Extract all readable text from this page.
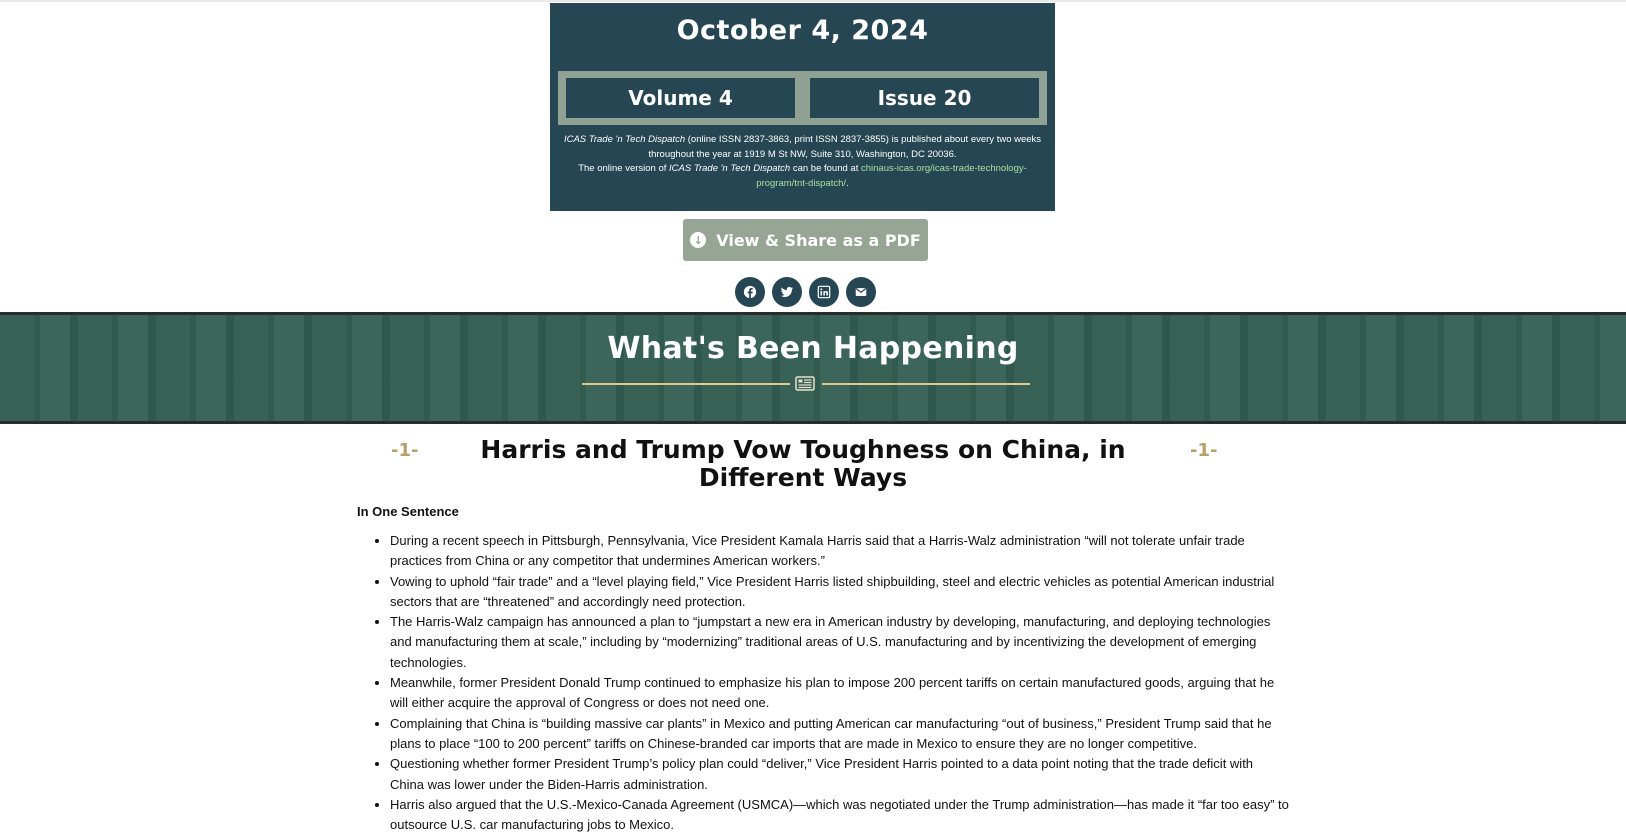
October 4, 2024
Volume 4	Issue 20
ICAS Trade 'n Tech Dispatch (online ISSN 2837-3863, print ISSN 2837-3855) is published about every two weeks throughout the year at 1919 M St NW, Suite 310, Washington, DC 20036.
The online version of ICAS Trade 'n Tech Dispatch can be found at chinaus-icas.org/icas-trade-technology-program/tnt-dispatch/.
↓ View & Share as a PDF
What's Been Happening
-1- Harris and Trump Vow Toughness on China, in Different Ways
-1-
In One Sentence
• During a recent speech in Pittsburgh, Pennsylvania, Vice President Kamala Harris said that a Harris-Walz administration “will not tolerate unfair trade practices from China or any competitor that undermines American workers.”
• Vowing to uphold “fair trade” and a “level playing field,” Vice President Harris listed shipbuilding, steel and electric vehicles as potential American industrial sectors that are “threatened” and accordingly need protection.
• The Harris-Walz campaign has announced a plan to “jumpstart a new era in American industry by developing, manufacturing, and deploying technologies and manufacturing them at scale,” including by “modernizing” traditional areas of U.S. manufacturing and by incentivizing the development of emerging technologies.
• Meanwhile, former President Donald Trump continued to emphasize his plan to impose 200 percent tariffs on certain manufactured goods, arguing that he will either acquire the approval of Congress or does not need one.
• Complaining that China is “building massive car plants” in Mexico and putting American car manufacturing “out of business,” President Trump said that he plans to place “100 to 200 percent” tariffs on Chinese-branded car imports that are made in Mexico to ensure they are no longer competitive.
• Questioning whether former President Trump’s policy plan could “deliver,” Vice President Harris pointed to a data point noting that the trade deficit with China was lower under the Biden-Harris administration.
• Harris also argued that the U.S.-Mexico-Canada Agreement (USMCA)—which was negotiated under the Trump administration—has made it “far too easy” to outsource U.S. car manufacturing jobs to Mexico.
